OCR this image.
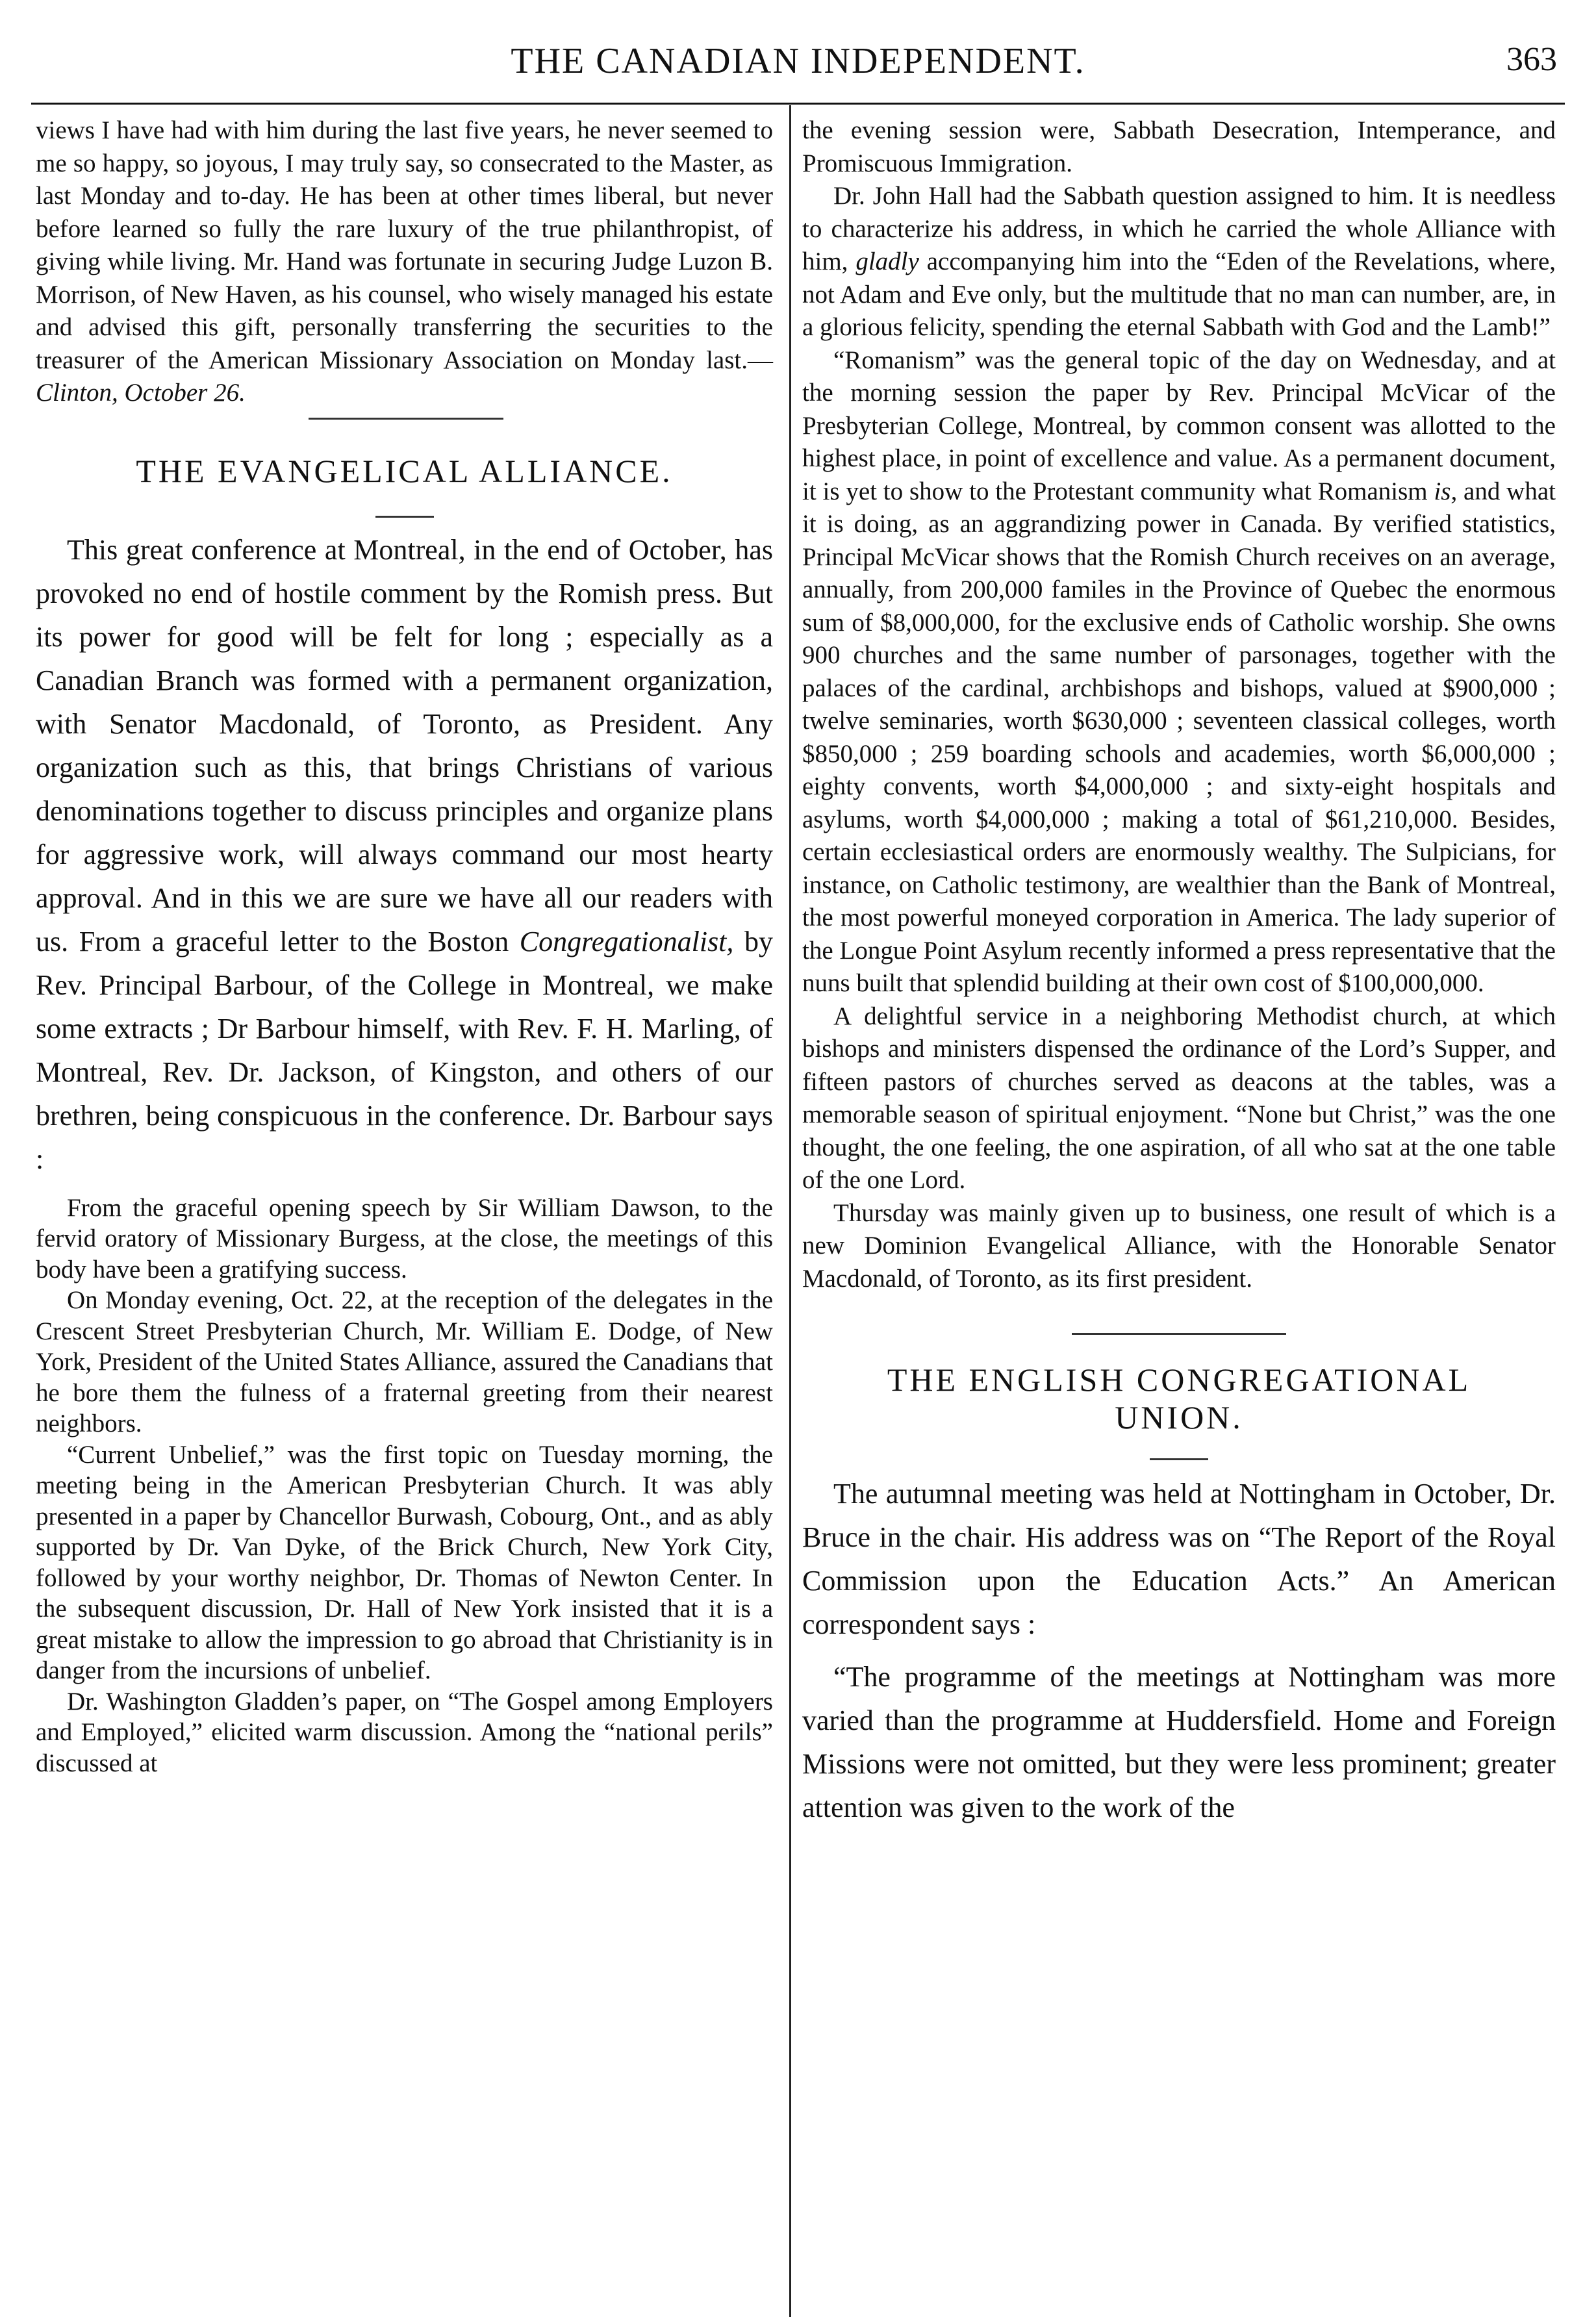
THE CANADIAN INDEPENDENT.	363

views I have had with him during the last five years, he never seemed to me so happy, so joyous, I may truly say, so consecrated to the Master, as last Monday and to-day. He has been at other times liberal, but never before learned so fully the rare luxury of the true philanthropist, of giving while living. Mr. Hand was fortunate in securing Judge Luzon B. Morrison, of New Haven, as his counsel, who wisely managed his estate and advised this gift, personally transferring the securities to the treasurer of the American Missionary Association on Monday last.—Clinton, October 26.

THE EVANGELICAL ALLIANCE.

This great conference at Montreal, in the end of October, has provoked no end of hostile comment by the Romish press. But its power for good will be felt for long ; especially as a Canadian Branch was formed with a permanent organization, with Senator Macdonald, of Toronto, as President. Any organization such as this, that brings Christians of various denominations together to discuss principles and organize plans for aggressive work, will always command our most hearty approval. And in this we are sure we have all our readers with us. From a graceful letter to the Boston Congregationalist, by Rev. Principal Barbour, of the College in Montreal, we make some extracts ; Dr Barbour himself, with Rev. F. H. Marling, of Montreal, Rev. Dr. Jackson, of Kingston, and others of our brethren, being conspicuous in the conference. Dr. Barbour says :

From the graceful opening speech by Sir William Dawson, to the fervid oratory of Missionary Burgess, at the close, the meetings of this body have been a gratifying success.

On Monday evening, Oct. 22, at the reception of the delegates in the Crescent Street Presbyterian Church, Mr. William E. Dodge, of New York, President of the United States Alliance, assured the Canadians that he bore them the fulness of a fraternal greeting from their nearest neighbors.

“Current Unbelief,” was the first topic on Tuesday morning, the meeting being in the American Presbyterian Church. It was ably presented in a paper by Chancellor Burwash, Cobourg, Ont., and as ably supported by Dr. Van Dyke, of the Brick Church, New York City, followed by your worthy neighbor, Dr. Thomas of Newton Center. In the subsequent discussion, Dr. Hall of New York insisted that it is a great mistake to allow the impression to go abroad that Christianity is in danger from the incursions of unbelief.

Dr. Washington Gladden’s paper, on “The Gospel among Employers and Employed,” elicited warm discussion. Among the “national perils” discussed at

the evening session were, Sabbath Desecration, Intemperance, and Promiscuous Immigration.

Dr. John Hall had the Sabbath question assigned to him. It is needless to characterize his address, in which he carried the whole Alliance with him, gladly accompanying him into the “Eden of the Revelations, where, not Adam and Eve only, but the multitude that no man can number, are, in a glorious felicity, spending the eternal Sabbath with God and the Lamb!”

“Romanism” was the general topic of the day on Wednesday, and at the morning session the paper by Rev. Principal McVicar of the Presbyterian College, Montreal, by common consent was allotted to the highest place, in point of excellence and value. As a permanent document, it is yet to show to the Protestant community what Romanism is, and what it is doing, as an aggrandizing power in Canada. By verified statistics, Principal McVicar shows that the Romish Church receives on an average, annually, from 200,000 familes in the Province of Quebec the enormous sum of $8,000,000, for the exclusive ends of Catholic worship. She owns 900 churches and the same number of parsonages, together with the palaces of the cardinal, archbishops and bishops, valued at $900,000 ; twelve seminaries, worth $630,000 ; seventeen classical colleges, worth $850,000 ; 259 boarding schools and academies, worth $6,000,000 ; eighty convents, worth $4,000,000 ; and sixty-eight hospitals and asylums, worth $4,000,000 ; making a total of $61,210,000. Besides, certain ecclesiastical orders are enormously wealthy. The Sulpicians, for instance, on Catholic testimony, are wealthier than the Bank of Montreal, the most powerful moneyed corporation in America. The lady superior of the Longue Point Asylum recently informed a press representative that the nuns built that splendid building at their own cost of $100,000,000.

A delightful service in a neighboring Methodist church, at which bishops and ministers dispensed the ordinance of the Lord’s Supper, and fifteen pastors of churches served as deacons at the tables, was a memorable season of spiritual enjoyment. “None but Christ,” was the one thought, the one feeling, the one aspiration, of all who sat at the one table of the one Lord.

Thursday was mainly given up to business, one result of which is a new Dominion Evangelical Alliance, with the Honorable Senator Macdonald, of Toronto, as its first president.

THE ENGLISH CONGREGATIONAL
UNION.

The autumnal meeting was held at Nottingham in October, Dr. Bruce in the chair. His address was on “The Report of the Royal Commission upon the Education Acts.” An American correspondent says :

“The programme of the meetings at Nottingham was more varied than the programme at Huddersfield. Home and Foreign Missions were not omitted, but they were less prominent; greater attention was given to the work of the
